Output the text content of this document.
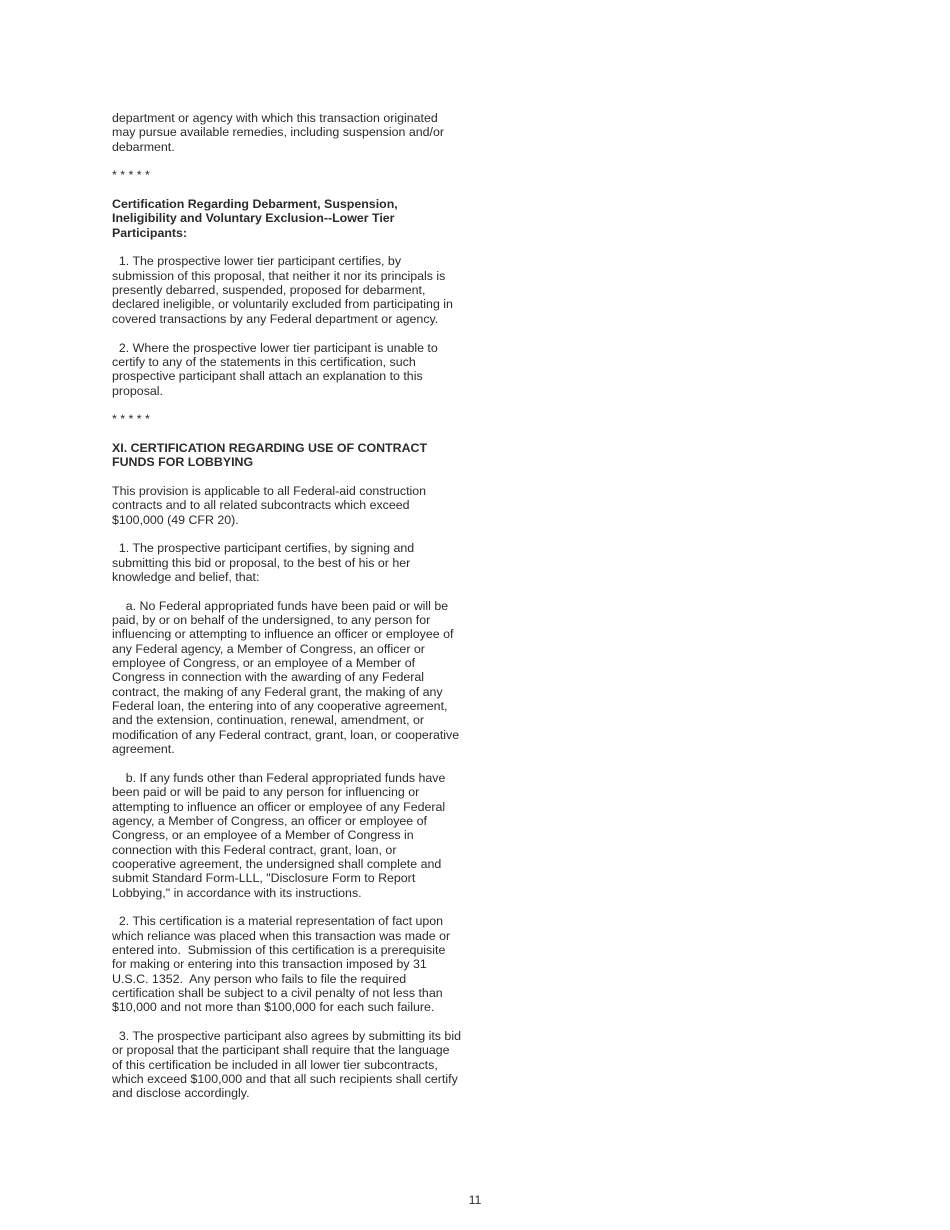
department or agency with which this transaction originated may pursue available remedies, including suspension and/or debarment.

* * * * *

Certification Regarding Debarment, Suspension, Ineligibility and Voluntary Exclusion--Lower Tier Participants:

1. The prospective lower tier participant certifies, by submission of this proposal, that neither it nor its principals is presently debarred, suspended, proposed for debarment, declared ineligible, or voluntarily excluded from participating in covered transactions by any Federal department or agency.

2. Where the prospective lower tier participant is unable to certify to any of the statements in this certification, such prospective participant shall attach an explanation to this proposal.

* * * * *

XI. CERTIFICATION REGARDING USE OF CONTRACT FUNDS FOR LOBBYING

This provision is applicable to all Federal-aid construction contracts and to all related subcontracts which exceed $100,000 (49 CFR 20).

1. The prospective participant certifies, by signing and submitting this bid or proposal, to the best of his or her knowledge and belief, that:

a. No Federal appropriated funds have been paid or will be paid, by or on behalf of the undersigned, to any person for influencing or attempting to influence an officer or employee of any Federal agency, a Member of Congress, an officer or employee of Congress, or an employee of a Member of Congress in connection with the awarding of any Federal contract, the making of any Federal grant, the making of any Federal loan, the entering into of any cooperative agreement, and the extension, continuation, renewal, amendment, or modification of any Federal contract, grant, loan, or cooperative agreement.

b. If any funds other than Federal appropriated funds have been paid or will be paid to any person for influencing or attempting to influence an officer or employee of any Federal agency, a Member of Congress, an officer or employee of Congress, or an employee of a Member of Congress in connection with this Federal contract, grant, loan, or cooperative agreement, the undersigned shall complete and submit Standard Form-LLL, "Disclosure Form to Report Lobbying," in accordance with its instructions.

2. This certification is a material representation of fact upon which reliance was placed when this transaction was made or entered into.  Submission of this certification is a prerequisite for making or entering into this transaction imposed by 31 U.S.C. 1352.  Any person who fails to file the required certification shall be subject to a civil penalty of not less than $10,000 and not more than $100,000 for each such failure.

3. The prospective participant also agrees by submitting its bid or proposal that the participant shall require that the language of this certification be included in all lower tier subcontracts, which exceed $100,000 and that all such recipients shall certify and disclose accordingly.

11
